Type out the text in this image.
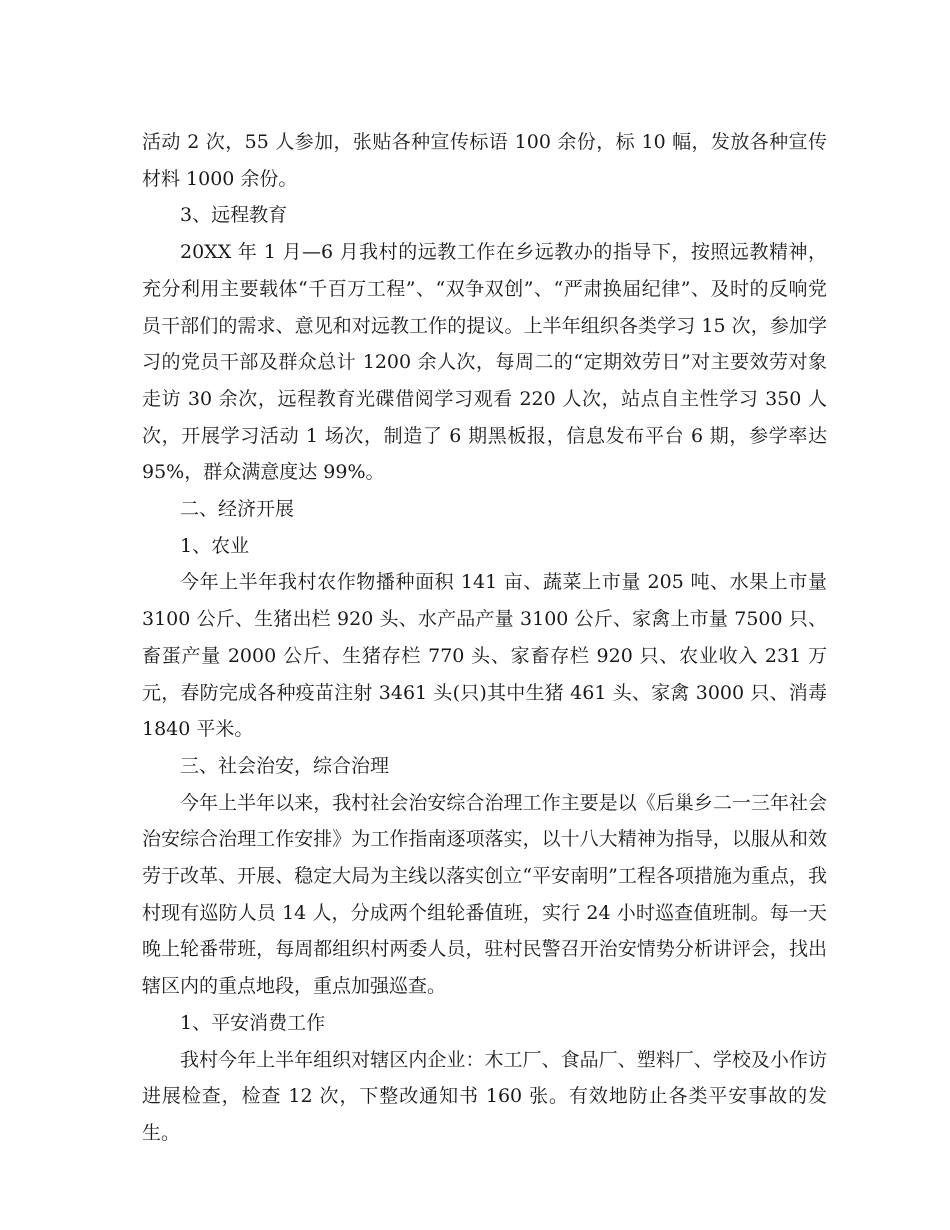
活动 2 次，55 人参加，张贴各种宣传标语 100 余份，标 10 幅，发放各种宣传材料 1000 余份。

3、远程教育

20XX 年 1 月—6 月我村的远教工作在乡远教办的指导下，按照远教精神，充分利用主要载体“千百万工程”、“双争双创”、“严肃换届纪律”、及时的反响党员干部们的需求、意见和对远教工作的提议。上半年组织各类学习 15 次，参加学习的党员干部及群众总计 1200 余人次，每周二的“定期效劳日”对主要效劳对象走访 30 余次，远程教育光碟借阅学习观看 220 人次，站点自主性学习 350 人次，开展学习活动 1 场次，制造了 6 期黑板报，信息发布平台 6 期，参学率达 95%，群众满意度达 99%。

二、经济开展

1、农业

今年上半年我村农作物播种面积 141 亩、蔬菜上市量 205 吨、水果上市量 3100 公斤、生猪出栏 920 头、水产品产量 3100 公斤、家禽上市量 7500 只、畜蛋产量 2000 公斤、生猪存栏 770 头、家畜存栏 920 只、农业收入 231 万元，春防完成各种疫苗注射 3461 头(只)其中生猪 461 头、家禽 3000 只、消毒 1840 平米。

三、社会治安，综合治理

今年上半年以来，我村社会治安综合治理工作主要是以《后巢乡二一三年社会治安综合治理工作安排》为工作指南逐项落实，以十八大精神为指导，以服从和效劳于改革、开展、稳定大局为主线以落实创立“平安南明”工程各项措施为重点，我村现有巡防人员 14 人，分成两个组轮番值班，实行 24 小时巡查值班制。每一天晚上轮番带班，每周都组织村两委人员，驻村民警召开治安情势分析讲评会，找出辖区内的重点地段，重点加强巡查。

1、平安消费工作

我村今年上半年组织对辖区内企业：木工厂、食品厂、塑料厂、学校及小作访进展检查，检查 12 次，下整改通知书 160 张。有效地防止各类平安事故的发生。
